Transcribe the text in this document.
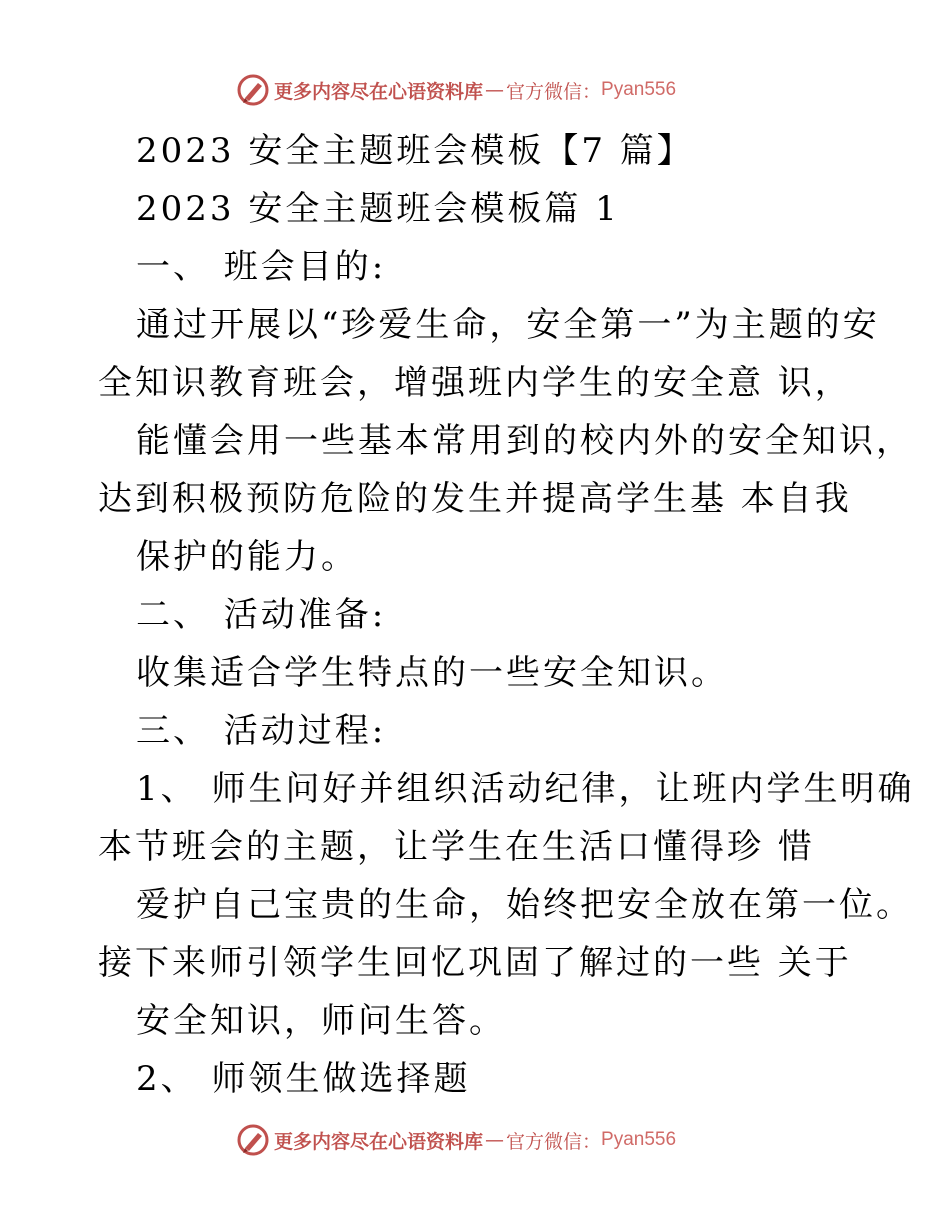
更多内容尽在心语资料库 — 官方微信： Pyan556
2023 安全主题班会模板【7 篇】
2023 安全主题班会模板篇 1
一、 班会目的:
通过开展以“珍爱生命，安全第一”为主题的安
全知识教育班会，增强班内学生的安全意 识，
能懂会用一些基本常用到的校内外的安全知识，
达到积极预防危险的发生并提高学生基 本自我
保护的能力。
二、 活动准备:
收集适合学生特点的一些安全知识。
三、 活动过程:
1、 师生问好并组织活动纪律，让班内学生明确
本节班会的主题，让学生在生活口懂得珍 惜
爱护自己宝贵的生命，始终把安全放在第一位。
接下来师引领学生回忆巩固了解过的一些 关于
安全知识，师问生答。
2、 师领生做选择题
更多内容尽在心语资料库 — 官方微信： Pyan556
